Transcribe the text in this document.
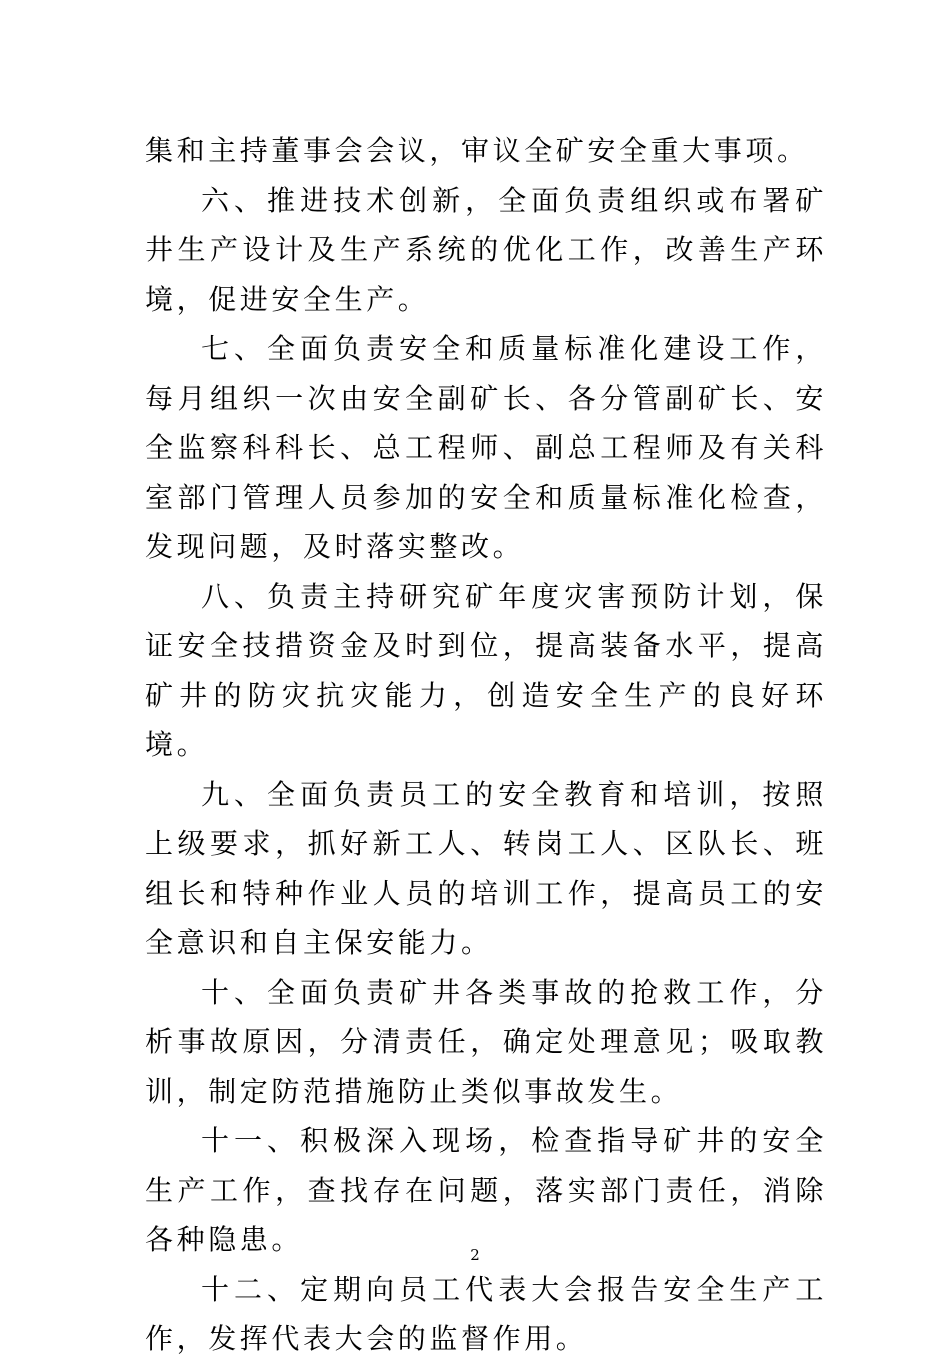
集和主持董事会会议，审议全矿安全重大事项。

六、推进技术创新，全面负责组织或布署矿井生产设计及生产系统的优化工作，改善生产环境，促进安全生产。

七、全面负责安全和质量标准化建设工作，每月组织一次由安全副矿长、各分管副矿长、安全监察科科长、总工程师、副总工程师及有关科室部门管理人员参加的安全和质量标准化检查，发现问题，及时落实整改。

八、负责主持研究矿年度灾害预防计划，保证安全技措资金及时到位，提高装备水平，提高矿井的防灾抗灾能力，创造安全生产的良好环境。

九、全面负责员工的安全教育和培训，按照上级要求，抓好新工人、转岗工人、区队长、班组长和特种作业人员的培训工作，提高员工的安全意识和自主保安能力。

十、全面负责矿井各类事故的抢救工作，分析事故原因，分清责任，确定处理意见；吸取教训，制定防范措施防止类似事故发生。

十一、积极深入现场，检查指导矿井的安全生产工作，查找存在问题，落实部门责任，消除各种隐患。

十二、定期向员工代表大会报告安全生产工作，发挥代表大会的监督作用。

2
